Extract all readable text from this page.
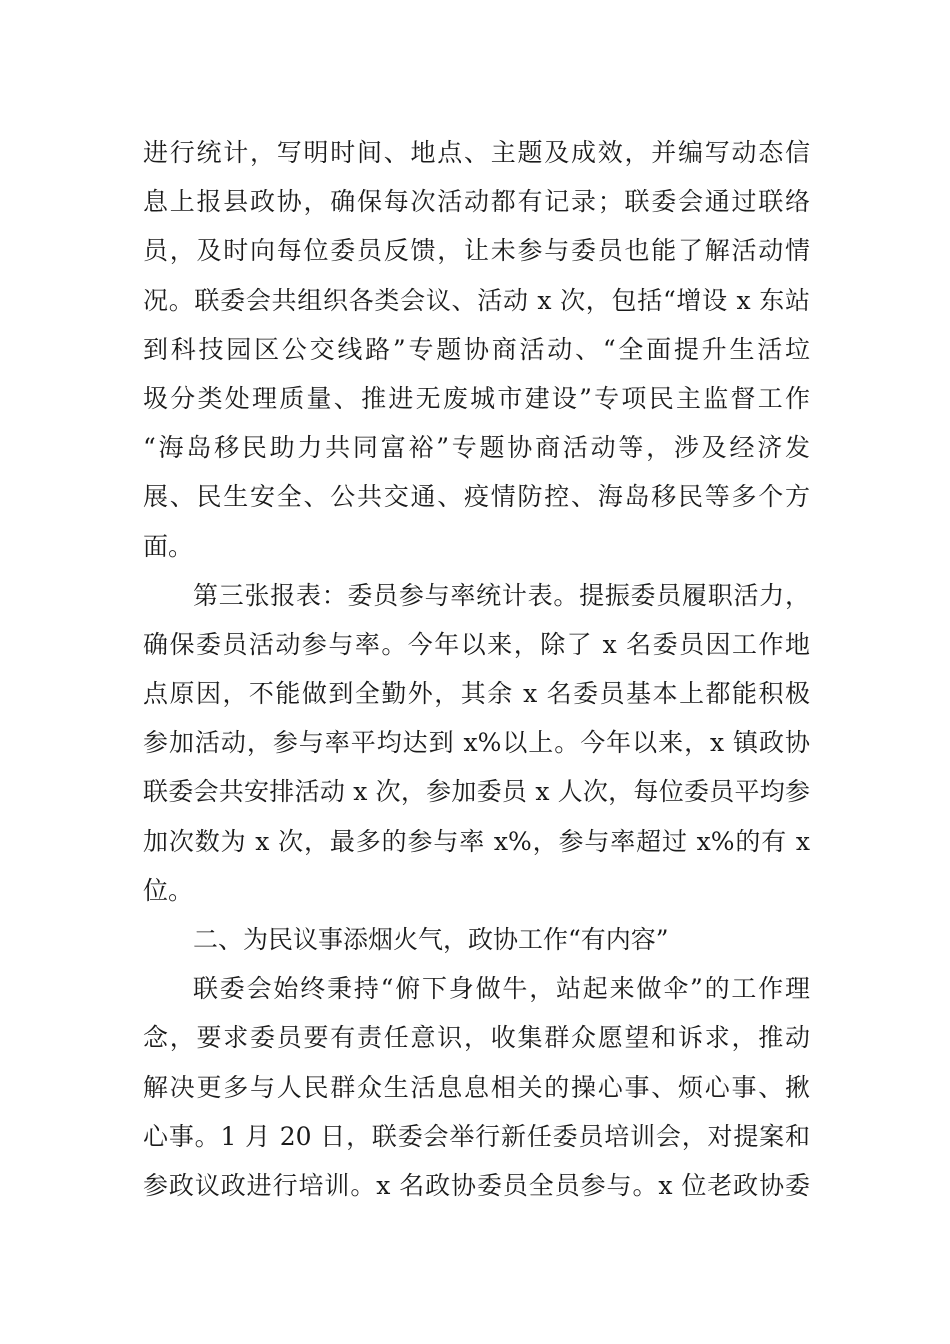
进行统计，写明时间、地点、主题及成效，并编写动态信
息上报县政协，确保每次活动都有记录；联委会通过联络
员，及时向每位委员反馈，让未参与委员也能了解活动情
况。联委会共组织各类会议、活动 x 次，包括“增设 x 东站
到科技园区公交线路”专题协商活动、“全面提升生活垃
圾分类处理质量、推进无废城市建设”专项民主监督工作
“海岛移民助力共同富裕”专题协商活动等，涉及经济发
展、民生安全、公共交通、疫情防控、海岛移民等多个方
面。
第三张报表：委员参与率统计表。提振委员履职活力，
确保委员活动参与率。今年以来，除了 x 名委员因工作地
点原因，不能做到全勤外，其余 x 名委员基本上都能积极
参加活动，参与率平均达到 x%以上。今年以来，x 镇政协
联委会共安排活动 x 次，参加委员 x 人次，每位委员平均参
加次数为 x 次，最多的参与率 x%，参与率超过 x%的有 x
位。
二、为民议事添烟火气，政协工作“有内容”
联委会始终秉持“俯下身做牛，站起来做伞”的工作理
念，要求委员要有责任意识，收集群众愿望和诉求，推动
解决更多与人民群众生活息息相关的操心事、烦心事、揪
心事。1 月 20 日，联委会举行新任委员培训会，对提案和
参政议政进行培训。x 名政协委员全员参与。x 位老政协委
